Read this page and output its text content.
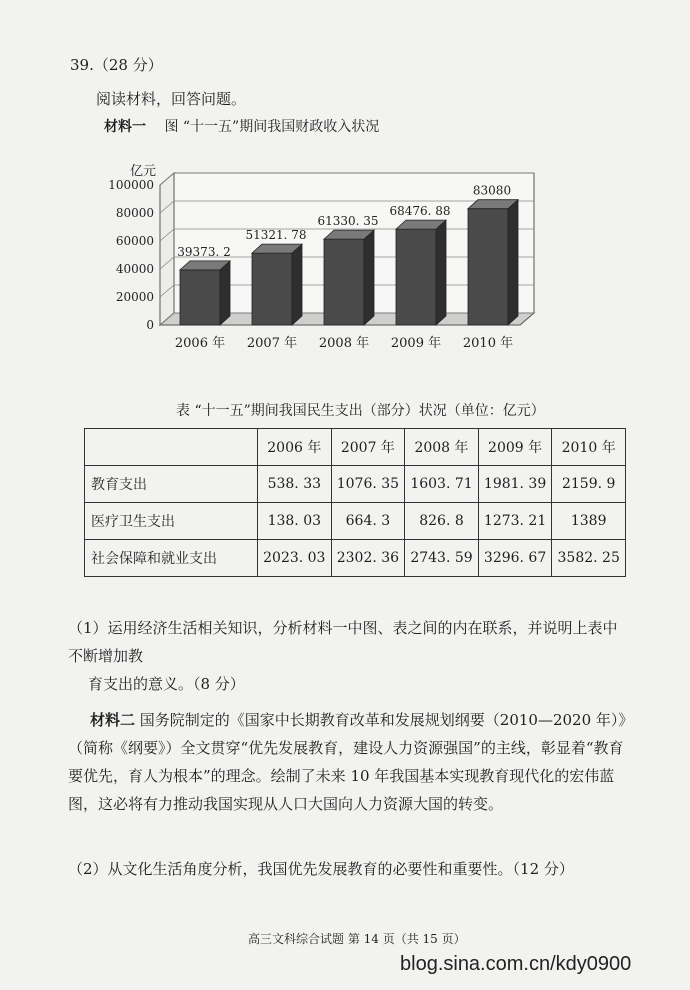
39.（28 分）
阅读材料，回答问题。
材料一 图 “十一五”期间我国财政收入状况
0
20000
40000
60000
80000
100000
亿元
39373. 2
2006 年
51321. 78
2007 年
61330. 35
2008 年
68476. 88
2009 年
83080
2010 年
表 “十一五”期间我国民生支出（部分）状况（单位：亿元）
	2006 年	2007 年	2008 年	2009 年	2010 年
教育支出	538. 33	1076. 35	1603. 71	1981. 39	2159. 9
医疗卫生支出	138. 03	664. 3	826. 8	1273. 21	1389
社会保障和就业支出	2023. 03	2302. 36	2743. 59	3296. 67	3582. 25
（1）运用经济生活相关知识，分析材料一中图、表之间的内在联系，并说明上表中不断增加教
育支出的意义。（8 分）
材料二 国务院制定的《国家中长期教育改革和发展规划纲要（2010—2020 年）》（简称《纲要》）全文贯穿“优先发展教育，建设人力资源强国”的主线，彰显着“教育要优先，育人为根本”的理念。绘制了未来 10 年我国基本实现教育现代化的宏伟蓝图，这必将有力推动我国实现从人口大国向人力资源大国的转变。
（2）从文化生活角度分析，我国优先发展教育的必要性和重要性。（12 分）
高三文科综合试题 第 14 页（共 15 页）
blog.sina.com.cn/kdy0900
